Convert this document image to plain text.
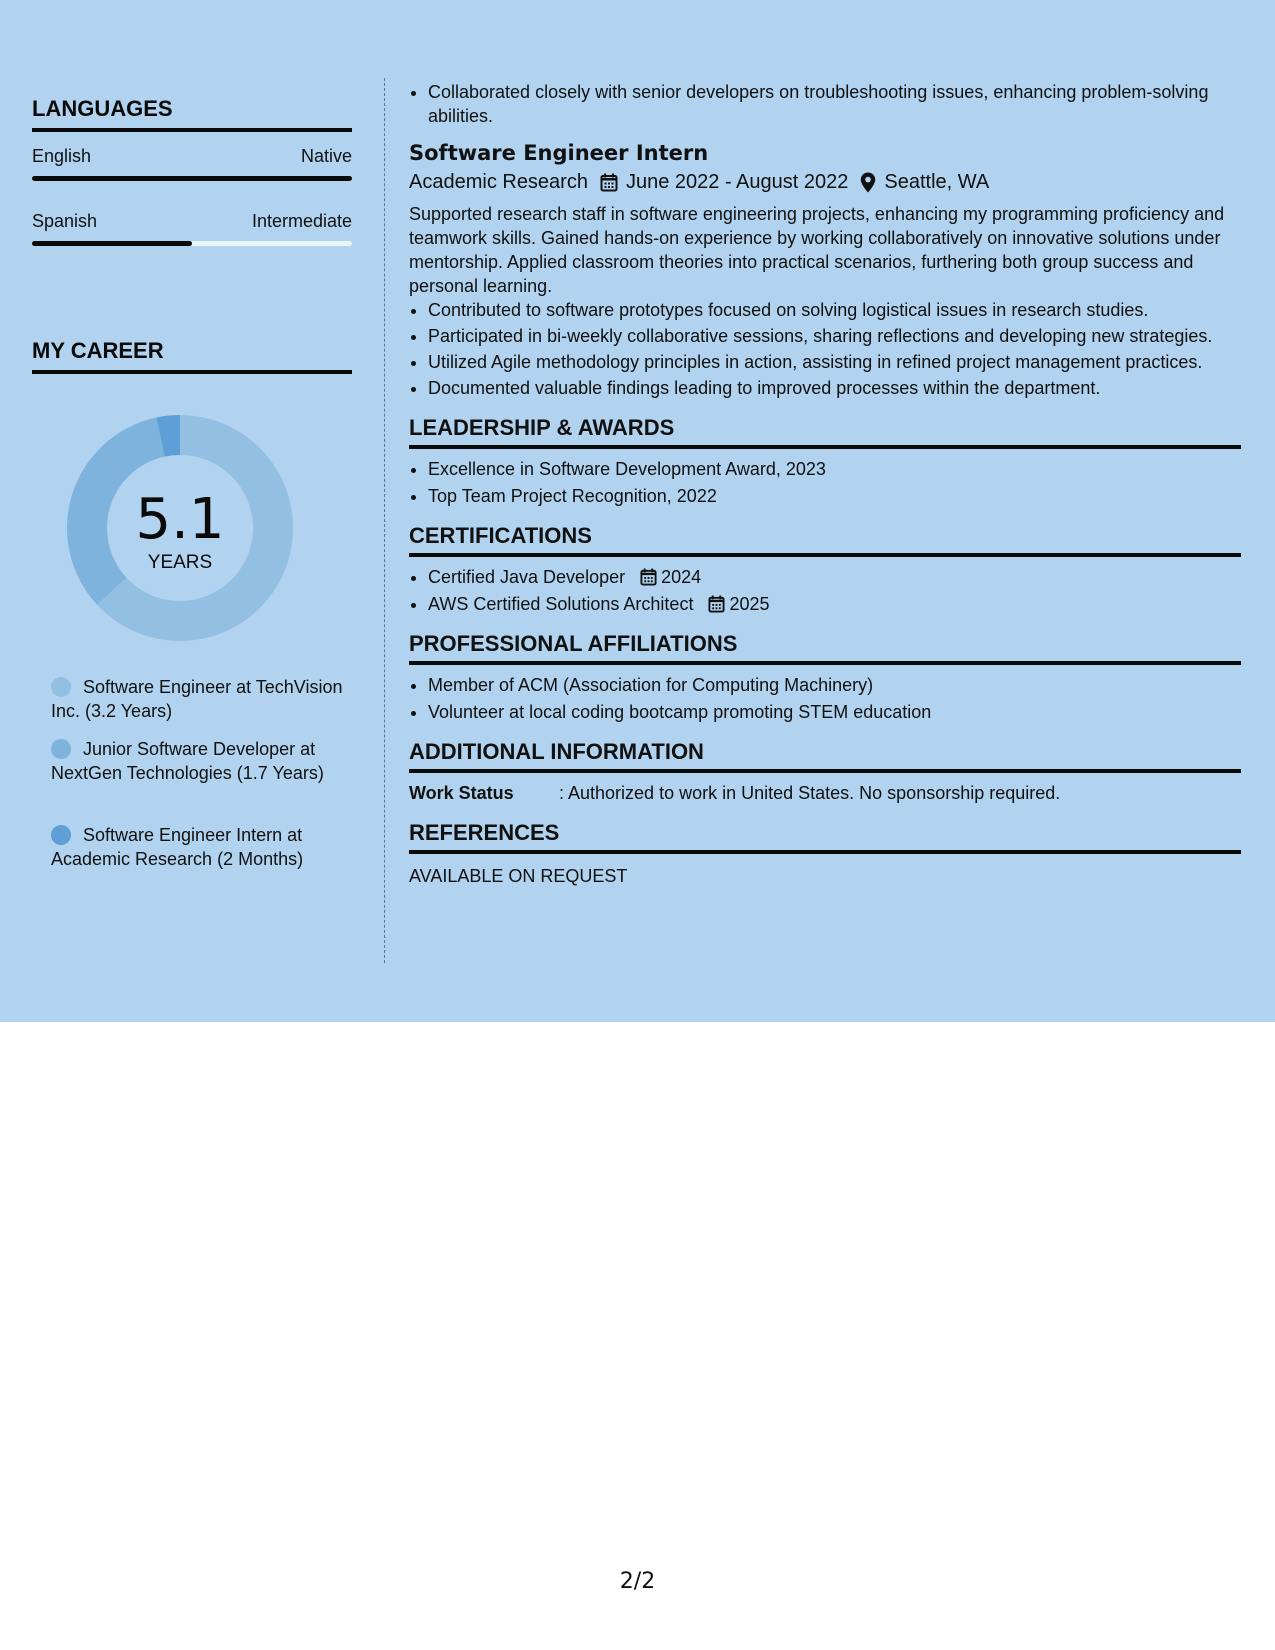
LANGUAGES
English	Native
Spanish	Intermediate
MY CAREER
5.1
YEARS
Software Engineer at TechVision Inc. (3.2 Years)
Junior Software Developer at NextGen Technologies (1.7 Years)
Software Engineer Intern at Academic Research (2 Months)
• Collaborated closely with senior developers on troubleshooting issues, enhancing problem-solving abilities.
Software Engineer Intern
Academic Research June 2022 - August 2022 Seattle, WA

Supported research staff in software engineering projects, enhancing my programming proficiency and teamwork skills. Gained hands-on experience by working collaboratively on innovative solutions under mentorship. Applied classroom theories into practical scenarios, furthering both group success and personal learning.

• Contributed to software prototypes focused on solving logistical issues in research studies.
• Participated in bi-weekly collaborative sessions, sharing reflections and developing new strategies.
• Utilized Agile methodology principles in action, assisting in refined project management practices.
• Documented valuable findings leading to improved processes within the department.
LEADERSHIP & AWARDS
• Excellence in Software Development Award, 2023
• Top Team Project Recognition, 2022
CERTIFICATIONS
• Certified Java Developer 2024
• AWS Certified Solutions Architect 2025
PROFESSIONAL AFFILIATIONS
• Member of ACM (Association for Computing Machinery)
• Volunteer at local coding bootcamp promoting STEM education
ADDITIONAL INFORMATION
Work Status	: Authorized to work in United States. No sponsorship required.
REFERENCES
AVAILABLE ON REQUEST
2/2
